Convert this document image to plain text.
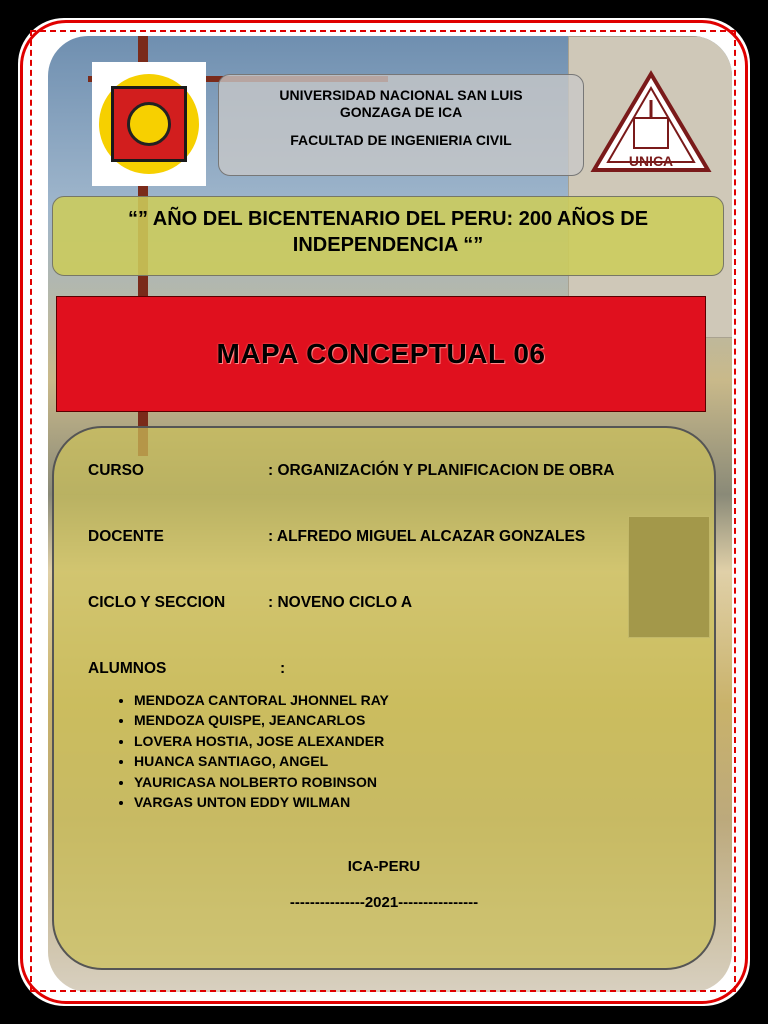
UNICA
UNIVERSIDAD NACIONAL SAN LUIS
GONZAGA DE ICA
FACULTAD DE INGENIERIA CIVIL
“” AÑO DEL BICENTENARIO DEL PERU: 200 AÑOS DE INDEPENDENCIA “”
MAPA CONCEPTUAL 06
CURSO	: ORGANIZACIÓN Y PLANIFICACION DE OBRA
DOCENTE	: ALFREDO MIGUEL ALCAZAR GONZALES
CICLO Y SECCION	: NOVENO CICLO A
ALUMNOS	:
• MENDOZA CANTORAL JHONNEL RAY
• MENDOZA QUISPE, JEANCARLOS
• LOVERA HOSTIA, JOSE ALEXANDER
• HUANCA SANTIAGO, ANGEL
• YAURICASA NOLBERTO ROBINSON
• VARGAS UNTON EDDY WILMAN
ICA-PERU
---------------2021----------------
